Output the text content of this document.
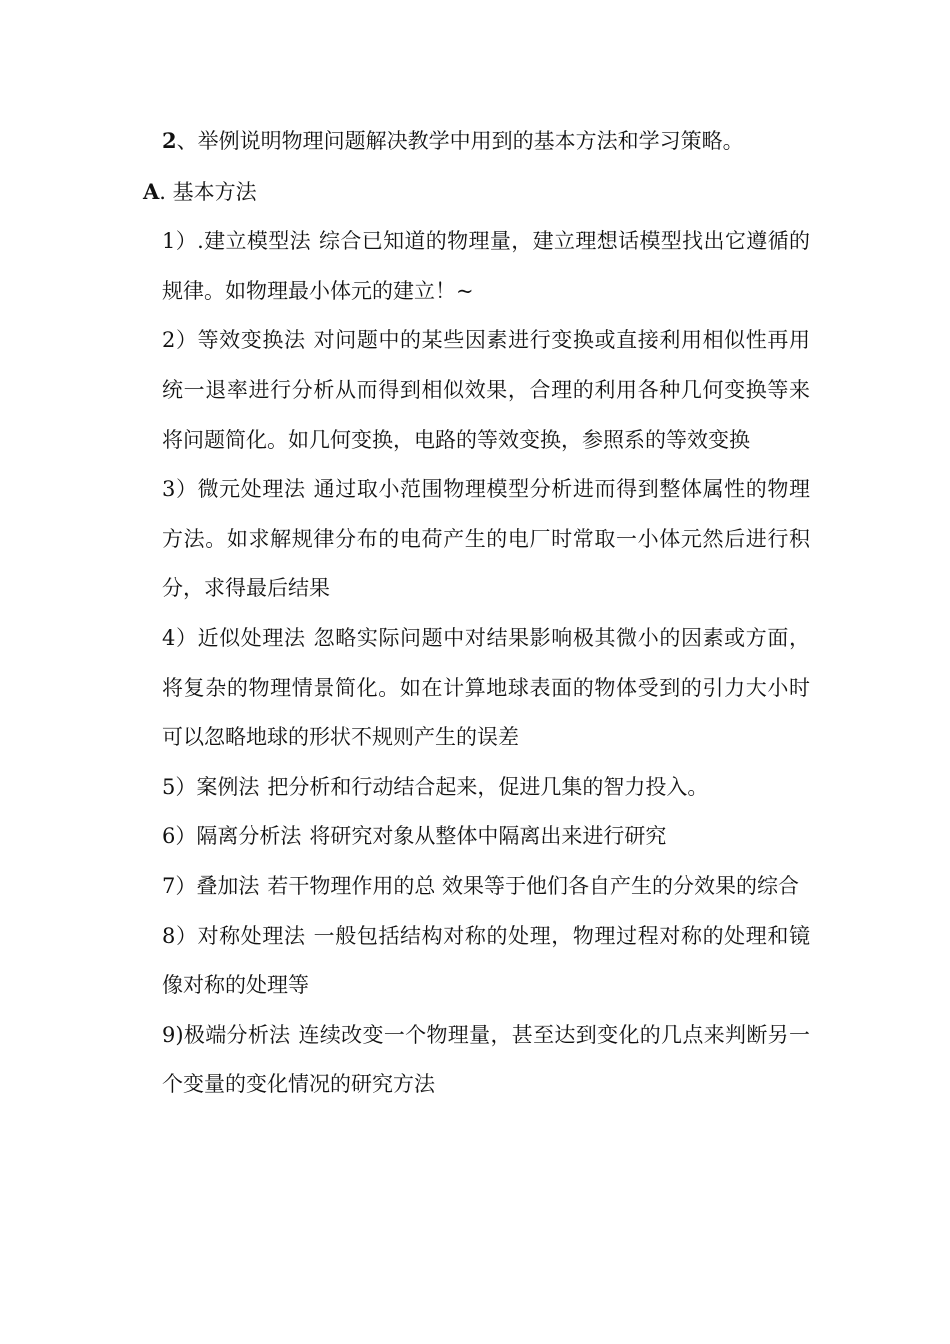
2、举例说明物理问题解决教学中用到的基本方法和学习策略。

A. 基本方法

1）.建立模型法 综合已知道的物理量，建立理想话模型找出它遵循的规律。如物理最小体元的建立！~

2）等效变换法 对问题中的某些因素进行变换或直接利用相似性再用统一退率进行分析从而得到相似效果，合理的利用各种几何变换等来将问题简化。如几何变换，电路的等效变换，参照系的等效变换

3）微元处理法 通过取小范围物理模型分析进而得到整体属性的物理方法。如求解规律分布的电荷产生的电厂时常取一小体元然后进行积分，求得最后结果

4）近似处理法 忽略实际问题中对结果影响极其微小的因素或方面，将复杂的物理情景简化。如在计算地球表面的物体受到的引力大小时可以忽略地球的形状不规则产生的误差

5）案例法 把分析和行动结合起来，促进几集的智力投入。

6）隔离分析法 将研究对象从整体中隔离出来进行研究

7）叠加法 若干物理作用的总 效果等于他们各自产生的分效果的综合

8）对称处理法 一般包括结构对称的处理，物理过程对称的处理和镜像对称的处理等

9)极端分析法 连续改变一个物理量，甚至达到变化的几点来判断另一个变量的变化情况的研究方法
